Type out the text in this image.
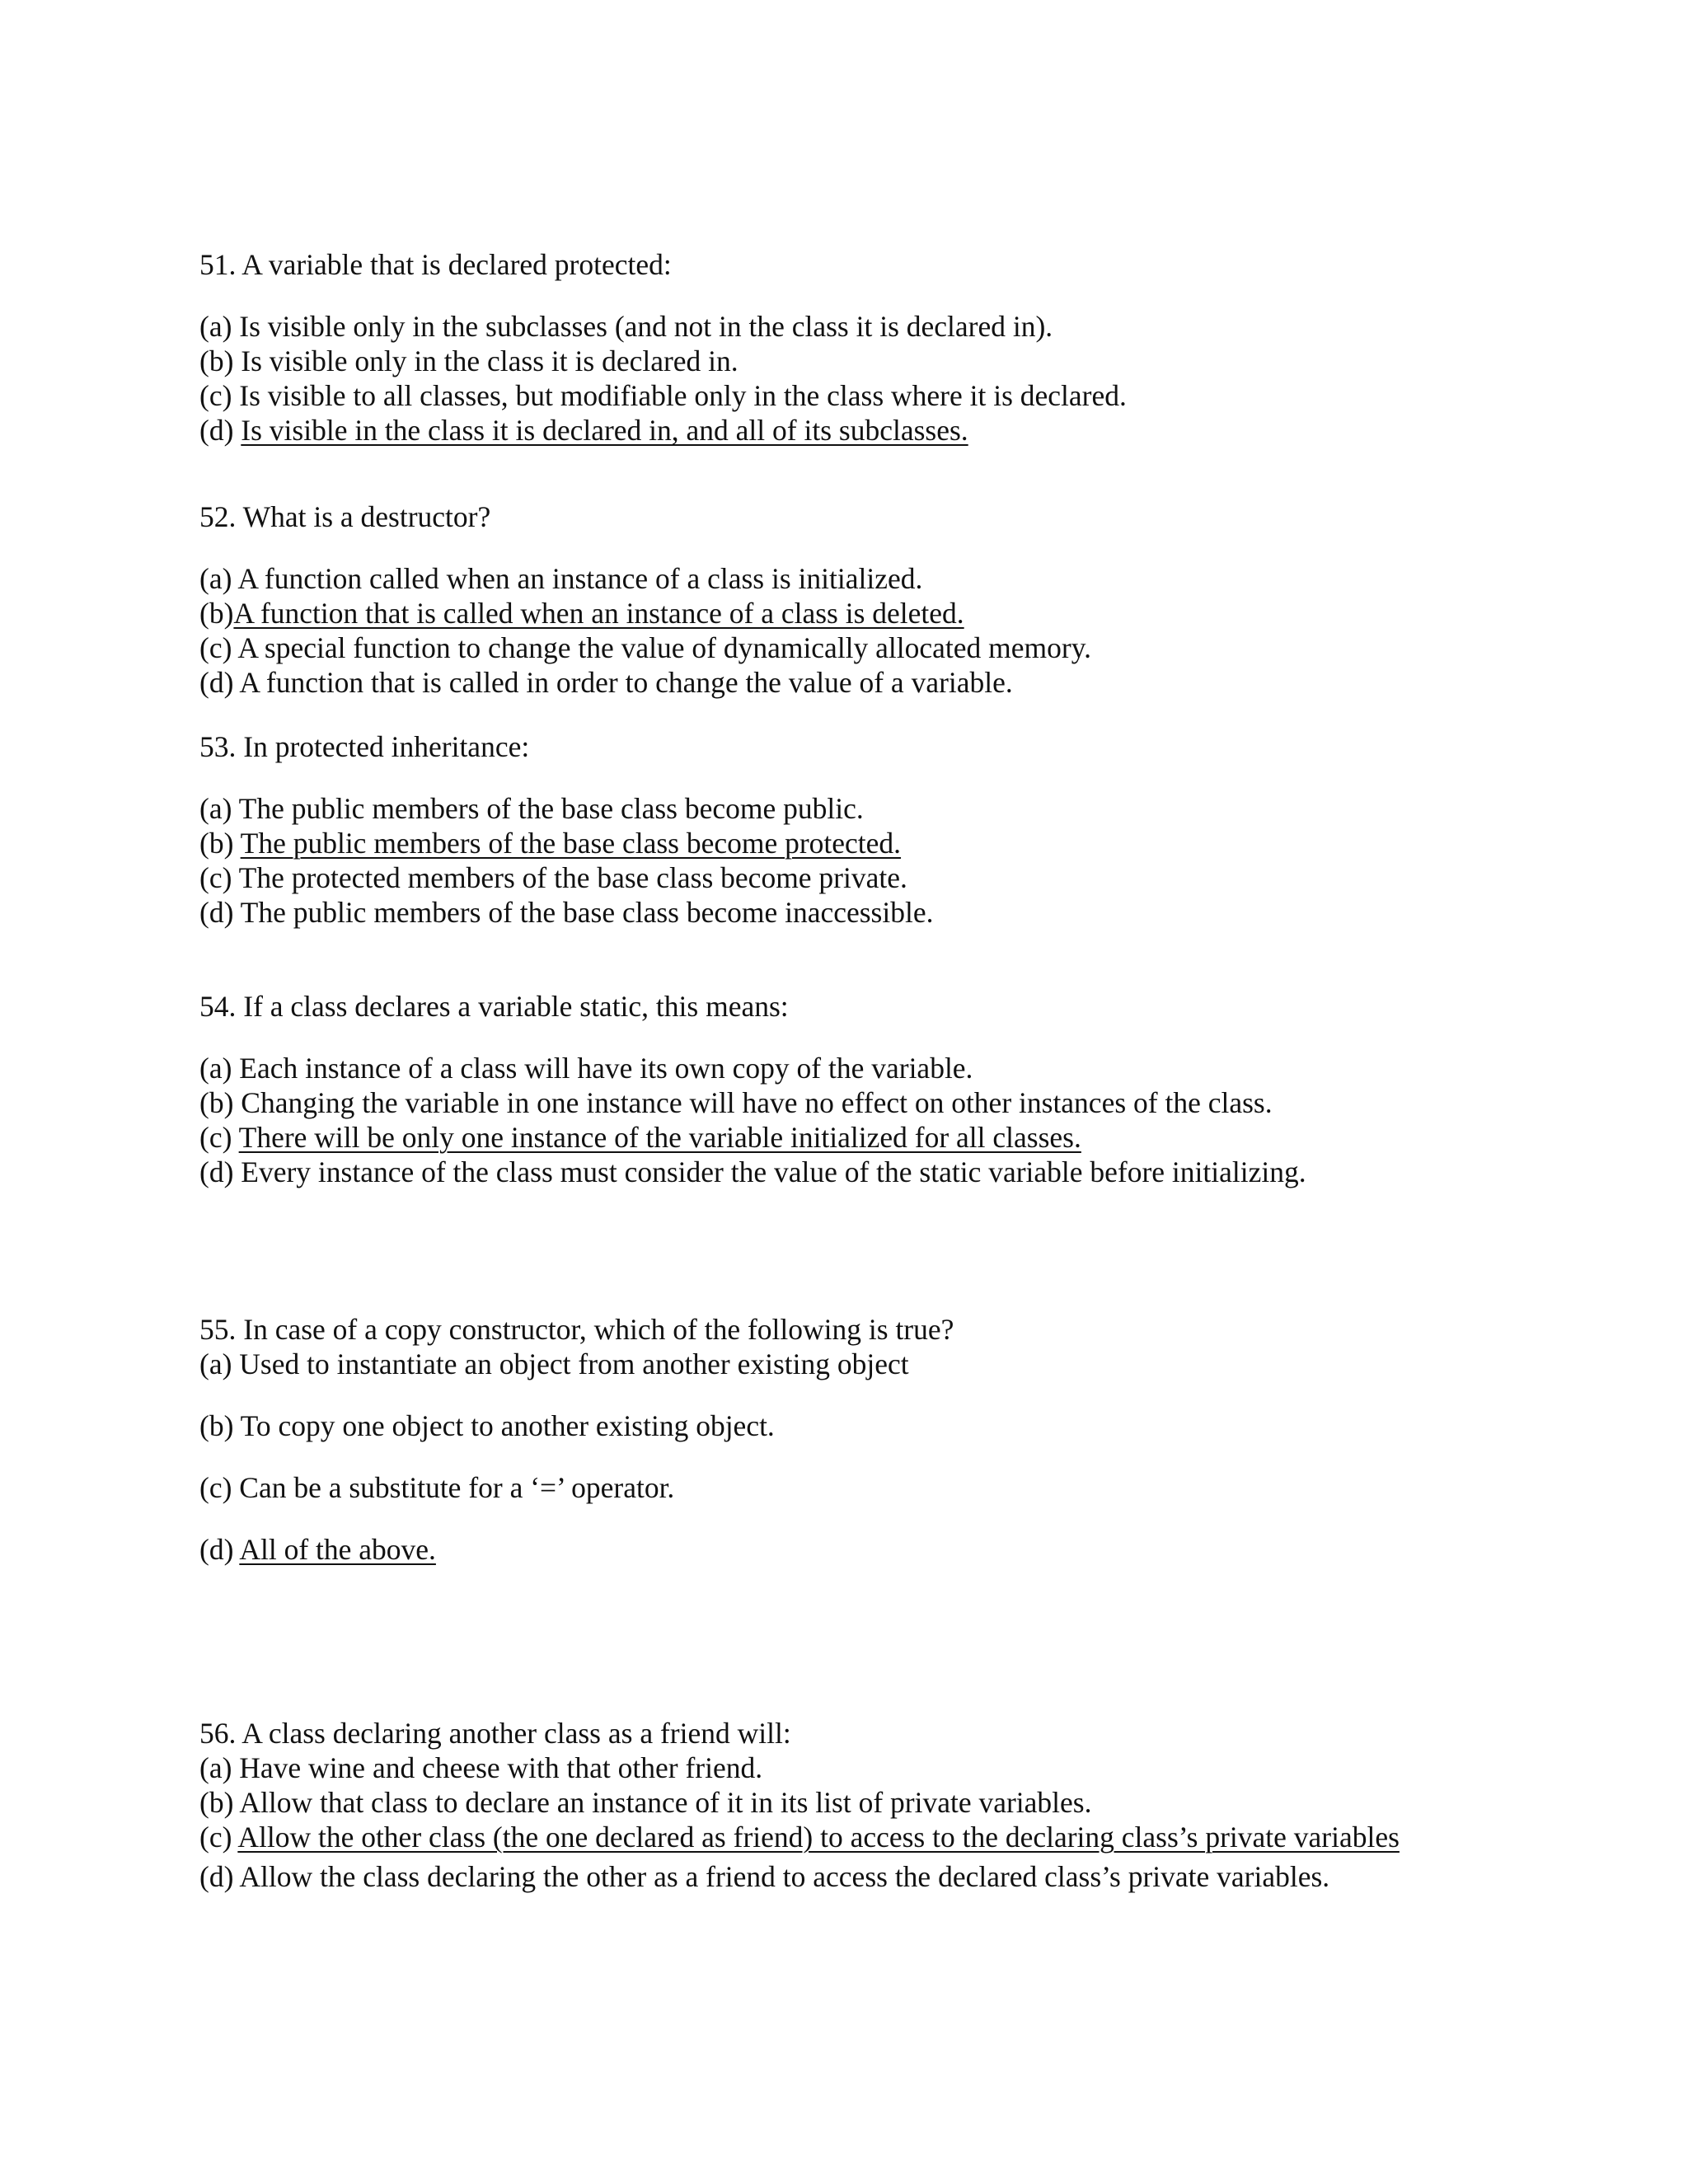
51. A variable that is declared protected:
(a) Is visible only in the subclasses (and not in the class it is declared in).
(b) Is visible only in the class it is declared in.
(c) Is visible to all classes, but modifiable only in the class where it is declared.
(d) Is visible in the class it is declared in, and all of its subclasses.
52. What is a destructor?
(a) A function called when an instance of a class is initialized.
(b)A function that is called when an instance of a class is deleted.
(c) A special function to change the value of dynamically allocated memory.
(d) A function that is called in order to change the value of a variable.
53. In protected inheritance:
(a) The public members of the base class become public.
(b) The public members of the base class become protected.
(c) The protected members of the base class become private.
(d) The public members of the base class become inaccessible.
54. If a class declares a variable static, this means:
(a) Each instance of a class will have its own copy of the variable.
(b) Changing the variable in one instance will have no effect on other instances of the class.
(c) There will be only one instance of the variable initialized for all classes.
(d) Every instance of the class must consider the value of the static variable before initializing.
55. In case of a copy constructor, which of the following is true?
(a) Used to instantiate an object from another existing object
(b) To copy one object to another existing object.
(c) Can be a substitute for a ‘=’ operator.
(d) All of the above.
56. A class declaring another class as a friend will:
(a) Have wine and cheese with that other friend.
(b) Allow that class to declare an instance of it in its list of private variables.
(c) Allow the other class (the one declared as friend) to access to the declaring class’s private variables
(d) Allow the class declaring the other as a friend to access the declared class’s private variables.
